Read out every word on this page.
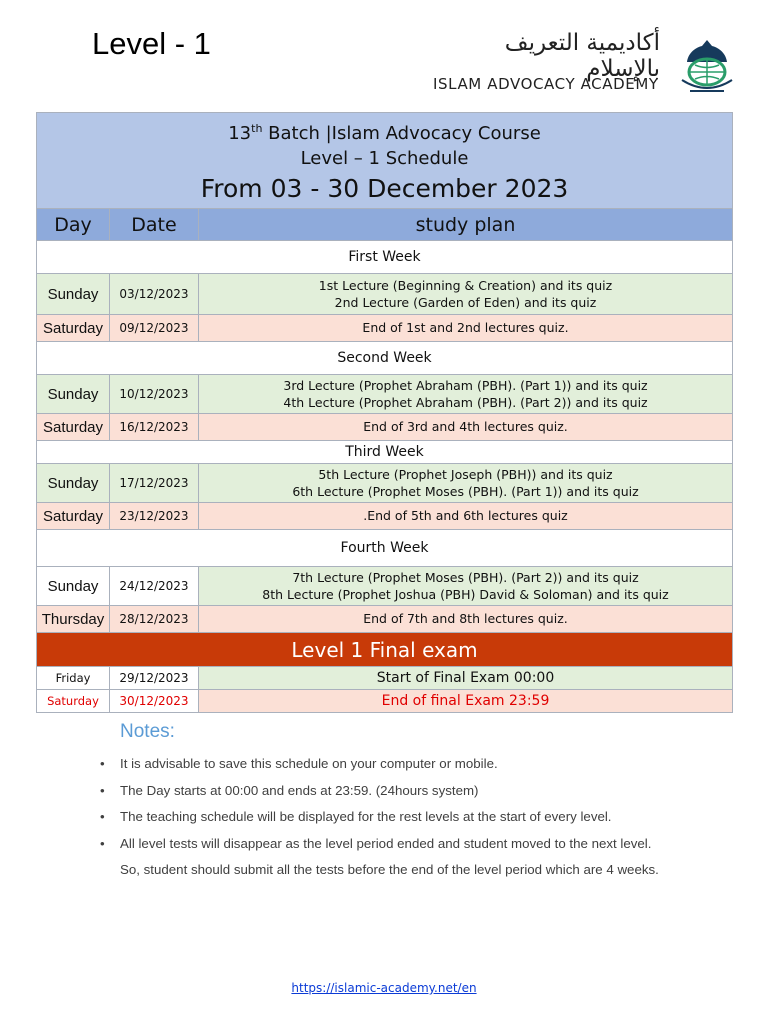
Level - 1	أكاديمية التعريف بالإسلام
ISLAM ADVOCACY ACADEMY
13th Batch |Islam Advocacy Course
Level – 1 Schedule
From 03 - 30 December 2023		

Day	Date	study plan
First Week		
Sunday	03/12/2023	1st Lecture (Beginning & Creation) and its quiz
2nd Lecture (Garden of Eden) and its quiz

Saturday	09/12/2023	End of 1st and 2nd lectures quiz.

Second Week		
Sunday	10/12/2023	3rd Lecture (Prophet Abraham (PBH). (Part 1)) and its quiz
4th Lecture (Prophet Abraham (PBH). (Part 2)) and its quiz

Saturday	16/12/2023	End of 3rd and 4th lectures quiz.

Third Week		
Sunday	17/12/2023	5th Lecture (Prophet Joseph (PBH)) and its quiz
6th Lecture (Prophet Moses (PBH). (Part 1)) and its quiz

Saturday	23/12/2023	.End of 5th and 6th lectures quiz

Fourth Week		
Sunday	24/12/2023	7th Lecture (Prophet Moses (PBH). (Part 2)) and its quiz
8th Lecture (Prophet Joshua (PBH) David & Soloman) and its quiz

Thursday	28/12/2023	End of 7th and 8th lectures quiz.

Level 1 Final exam		
Friday	29/12/2023	Start of Final Exam 00:00
Saturday	30/12/2023	End of final Exam 23:59
Notes:
• It is advisable to save this schedule on your computer or mobile.
• The Day starts at 00:00 and ends at 23:59. (24hours system)
• The teaching schedule will be displayed for the rest levels at the start of every level.
• All level tests will disappear as the level period ended and student moved to the next level.
So, student should submit all the tests before the end of the level period which are 4 weeks.
https://islamic-academy.net/en
